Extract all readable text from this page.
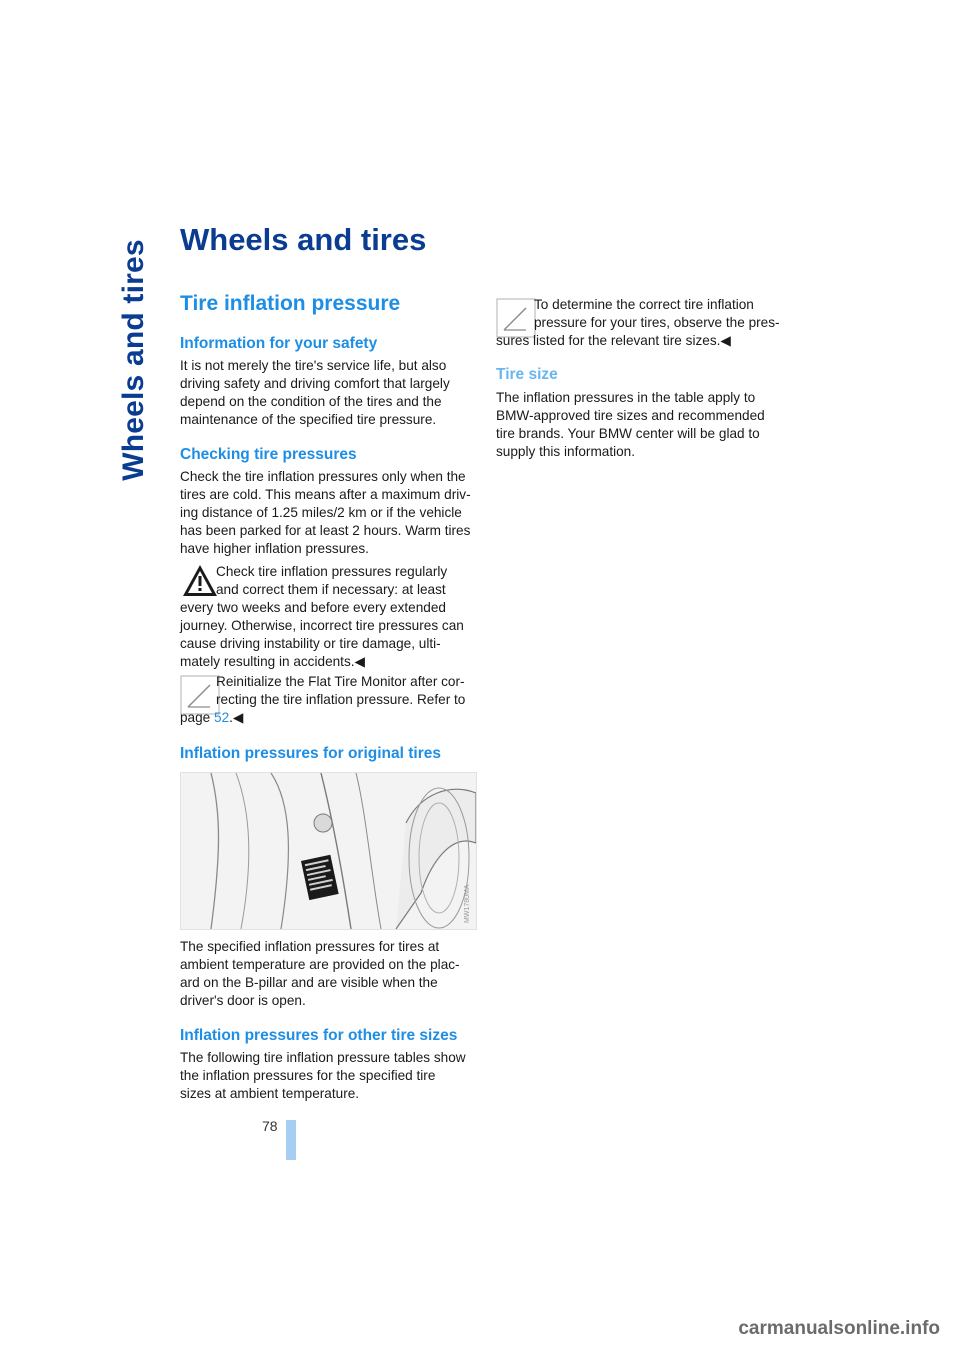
Wheels and tires Wheels and tires
Tire inflation pressure
Information for your safety
It is not merely the tire's service life, but also
driving safety and driving comfort that largely
depend on the condition of the tires and the
maintenance of the specified tire pressure.
Checking tire pressures
Check the tire inflation pressures only when the
tires are cold. This means after a maximum driv-
ing distance of 1.25 miles/2 km or if the vehicle
has been parked for at least 2 hours. Warm tires
have higher inflation pressures.
Check tire inflation pressures regularly
and correct them if necessary: at least
every two weeks and before every extended
journey. Otherwise, incorrect tire pressures can
cause driving instability or tire damage, ulti-
mately resulting in accidents.◀
Reinitialize the Flat Tire Monitor after cor-
recting the tire inflation pressure. Refer to
page 52.◀
Inflation pressures for original tires
MW1780MA
The specified inflation pressures for tires at
ambient temperature are provided on the plac-
ard on the B-pillar and are visible when the
driver's door is open.
Inflation pressures for other tire sizes
The following tire inflation pressure tables show
the inflation pressures for the specified tire
sizes at ambient temperature.
To determine the correct tire inflation
pressure for your tires, observe the pres-
sures listed for the relevant tire sizes.◀
Tire size
The inflation pressures in the table apply to
BMW-approved tire sizes and recommended
tire brands. Your BMW center will be glad to
supply this information.
78
carmanualsonline.info
